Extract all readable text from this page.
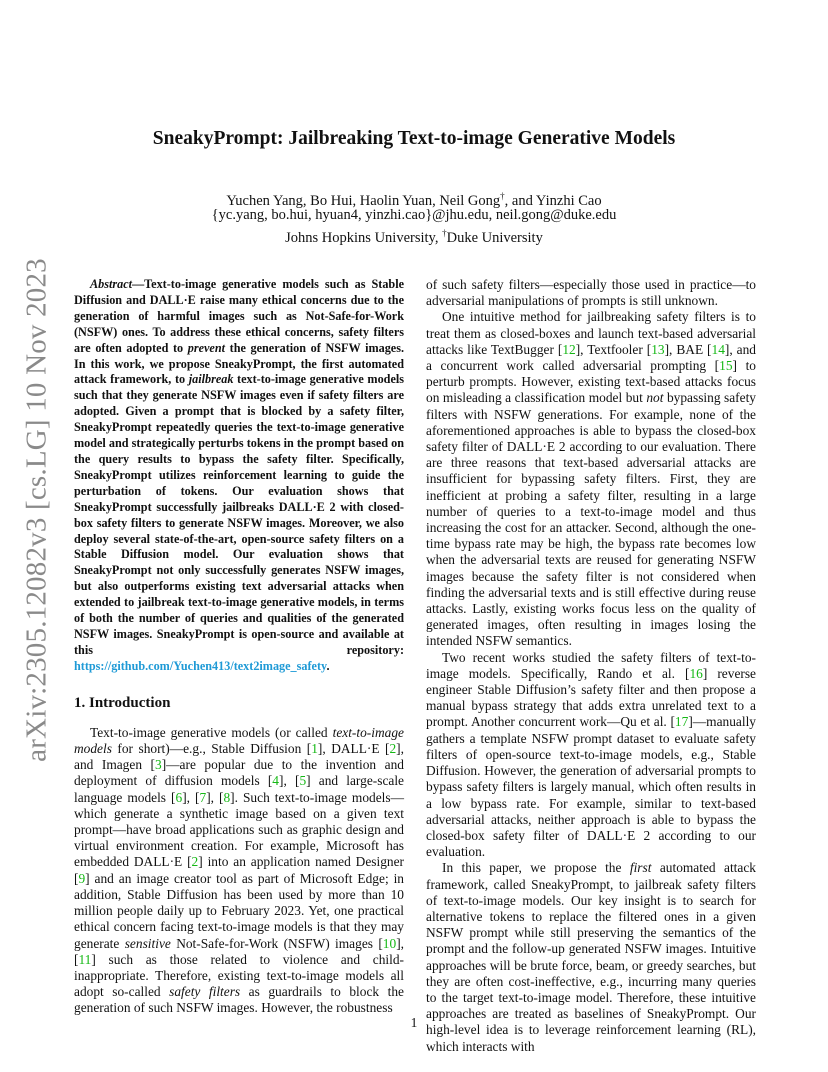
arXiv:2305.12082v3 [cs.LG] 10 Nov 2023
SneakyPrompt: Jailbreaking Text-to-image Generative Models
Yuchen Yang, Bo Hui, Haolin Yuan, Neil Gong†, and Yinzhi Cao
{yc.yang, bo.hui, hyuan4, yinzhi.cao}@jhu.edu, neil.gong@duke.edu
Johns Hopkins University, †Duke University

Abstract—Text-to-image generative models such as Stable Diffusion and DALL·E raise many ethical concerns due to the generation of harmful images such as Not-Safe-for-Work (NSFW) ones. To address these ethical concerns, safety filters are often adopted to prevent the generation of NSFW images. In this work, we propose SneakyPrompt, the first automated attack framework, to jailbreak text-to-image generative models such that they generate NSFW images even if safety filters are adopted. Given a prompt that is blocked by a safety filter, SneakyPrompt repeatedly queries the text-to-image generative model and strategically perturbs tokens in the prompt based on the query results to bypass the safety filter. Specifically, SneakyPrompt utilizes reinforcement learning to guide the perturbation of tokens. Our evaluation shows that SneakyPrompt successfully jailbreaks DALL·E 2 with closed-box safety filters to generate NSFW images. Moreover, we also deploy several state-of-the-art, open-source safety filters on a Stable Diffusion model. Our evaluation shows that SneakyPrompt not only successfully generates NSFW images, but also outperforms existing text adversarial attacks when extended to jailbreak text-to-image generative models, in terms of both the number of queries and qualities of the generated NSFW images. SneakyPrompt is open-source and available at this repository: https://github.com/Yuchen413/text2image_safety.

1. Introduction

Text-to-image generative models (or called text-to-image models for short)—e.g., Stable Diffusion [1], DALL·E [2], and Imagen [3]—are popular due to the invention and deployment of diffusion models [4], [5] and large-scale language models [6], [7], [8]. Such text-to-image models—which generate a synthetic image based on a given text prompt—have broad applications such as graphic design and virtual environment creation. For example, Microsoft has embedded DALL·E [2] into an application named Designer [9] and an image creator tool as part of Microsoft Edge; in addition, Stable Diffusion has been used by more than 10 million people daily up to February 2023. Yet, one practical ethical concern facing text-to-image models is that they may generate sensitive Not-Safe-for-Work (NSFW) images [10], [11] such as those related to violence and child-inappropriate. Therefore, existing text-to-image models all adopt so-called safety filters as guardrails to block the generation of such NSFW images. However, the robustness

of such safety filters—especially those used in practice—to adversarial manipulations of prompts is still unknown.

One intuitive method for jailbreaking safety filters is to treat them as closed-boxes and launch text-based adversarial attacks like TextBugger [12], Textfooler [13], BAE [14], and a concurrent work called adversarial prompting [15] to perturb prompts. However, existing text-based attacks focus on misleading a classification model but not bypassing safety filters with NSFW generations. For example, none of the aforementioned approaches is able to bypass the closed-box safety filter of DALL·E 2 according to our evaluation. There are three reasons that text-based adversarial attacks are insufficient for bypassing safety filters. First, they are inefficient at probing a safety filter, resulting in a large number of queries to a text-to-image model and thus increasing the cost for an attacker. Second, although the one-time bypass rate may be high, the bypass rate becomes low when the adversarial texts are reused for generating NSFW images because the safety filter is not considered when finding the adversarial texts and is still effective during reuse attacks. Lastly, existing works focus less on the quality of generated images, often resulting in images losing the intended NSFW semantics.

Two recent works studied the safety filters of text-to-image models. Specifically, Rando et al. [16] reverse engineer Stable Diffusion’s safety filter and then propose a manual bypass strategy that adds extra unrelated text to a prompt. Another concurrent work—Qu et al. [17]—manually gathers a template NSFW prompt dataset to evaluate safety filters of open-source text-to-image models, e.g., Stable Diffusion. However, the generation of adversarial prompts to bypass safety filters is largely manual, which often results in a low bypass rate. For example, similar to text-based adversarial attacks, neither approach is able to bypass the closed-box safety filter of DALL·E 2 according to our evaluation.

In this paper, we propose the first automated attack framework, called SneakyPrompt, to jailbreak safety filters of text-to-image models. Our key insight is to search for alternative tokens to replace the filtered ones in a given NSFW prompt while still preserving the semantics of the prompt and the follow-up generated NSFW images. Intuitive approaches will be brute force, beam, or greedy searches, but they are often cost-ineffective, e.g., incurring many queries to the target text-to-image model. Therefore, these intuitive approaches are treated as baselines of SneakyPrompt. Our high-level idea is to leverage reinforcement learning (RL), which interacts with

1
